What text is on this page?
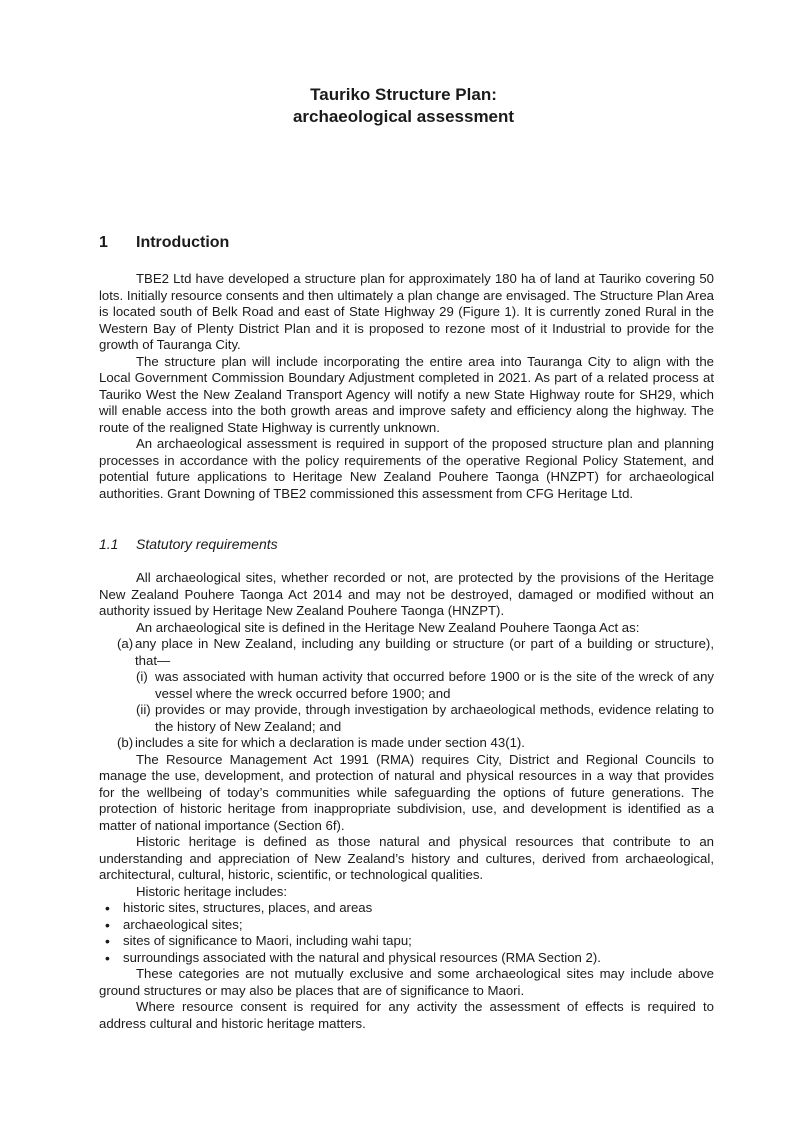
Tauriko Structure Plan:
archaeological assessment
1 Introduction

TBE2 Ltd have developed a structure plan for approximately 180 ha of land at Tauriko covering 50 lots. Initially resource consents and then ultimately a plan change are envisaged. The Structure Plan Area is located south of Belk Road and east of State Highway 29 (Figure 1). It is currently zoned Rural in the Western Bay of Plenty District Plan and it is proposed to rezone most of it Industrial to provide for the growth of Tauranga City.

The structure plan will include incorporating the entire area into Tauranga City to align with the Local Government Commission Boundary Adjustment completed in 2021. As part of a related process at Tauriko West the New Zealand Transport Agency will notify a new State Highway route for SH29, which will enable access into the both growth areas and improve safety and efficiency along the highway. The route of the realigned State Highway is currently unknown.

An archaeological assessment is required in support of the proposed structure plan and planning processes in accordance with the policy requirements of the operative Regional Policy Statement, and potential future applications to Heritage New Zealand Pouhere Taonga (HNZPT) for archaeological authorities. Grant Downing of TBE2 commissioned this assessment from CFG Heritage Ltd.

1.1 Statutory requirements

All archaeological sites, whether recorded or not, are protected by the provisions of the Heritage New Zealand Pouhere Taonga Act 2014 and may not be destroyed, damaged or modified without an authority issued by Heritage New Zealand Pouhere Taonga (HNZPT).

An archaeological site is defined in the Heritage New Zealand Pouhere Taonga Act as:

(a) any place in New Zealand, including any building or structure (or part of a building or structure), that—
(i) was associated with human activity that occurred before 1900 or is the site of the wreck of any vessel where the wreck occurred before 1900; and
(ii) provides or may provide, through investigation by archaeological methods, evidence relating to the history of New Zealand; and
(b) includes a site for which a declaration is made under section 43(1).

The Resource Management Act 1991 (RMA) requires City, District and Regional Councils to manage the use, development, and protection of natural and physical resources in a way that provides for the wellbeing of today’s communities while safeguarding the options of future generations. The protection of historic heritage from inappropriate subdivision, use, and development is identified as a matter of national importance (Section 6f).

Historic heritage is defined as those natural and physical resources that contribute to an understanding and appreciation of New Zealand’s history and cultures, derived from archaeological, architectural, cultural, historic, scientific, or technological qualities.

Historic heritage includes:

• historic sites, structures, places, and areas
• archaeological sites;
• sites of significance to Maori, including wahi tapu;
• surroundings associated with the natural and physical resources (RMA Section 2).

These categories are not mutually exclusive and some archaeological sites may include above ground structures or may also be places that are of significance to Maori.

Where resource consent is required for any activity the assessment of effects is required to address cultural and historic heritage matters.
